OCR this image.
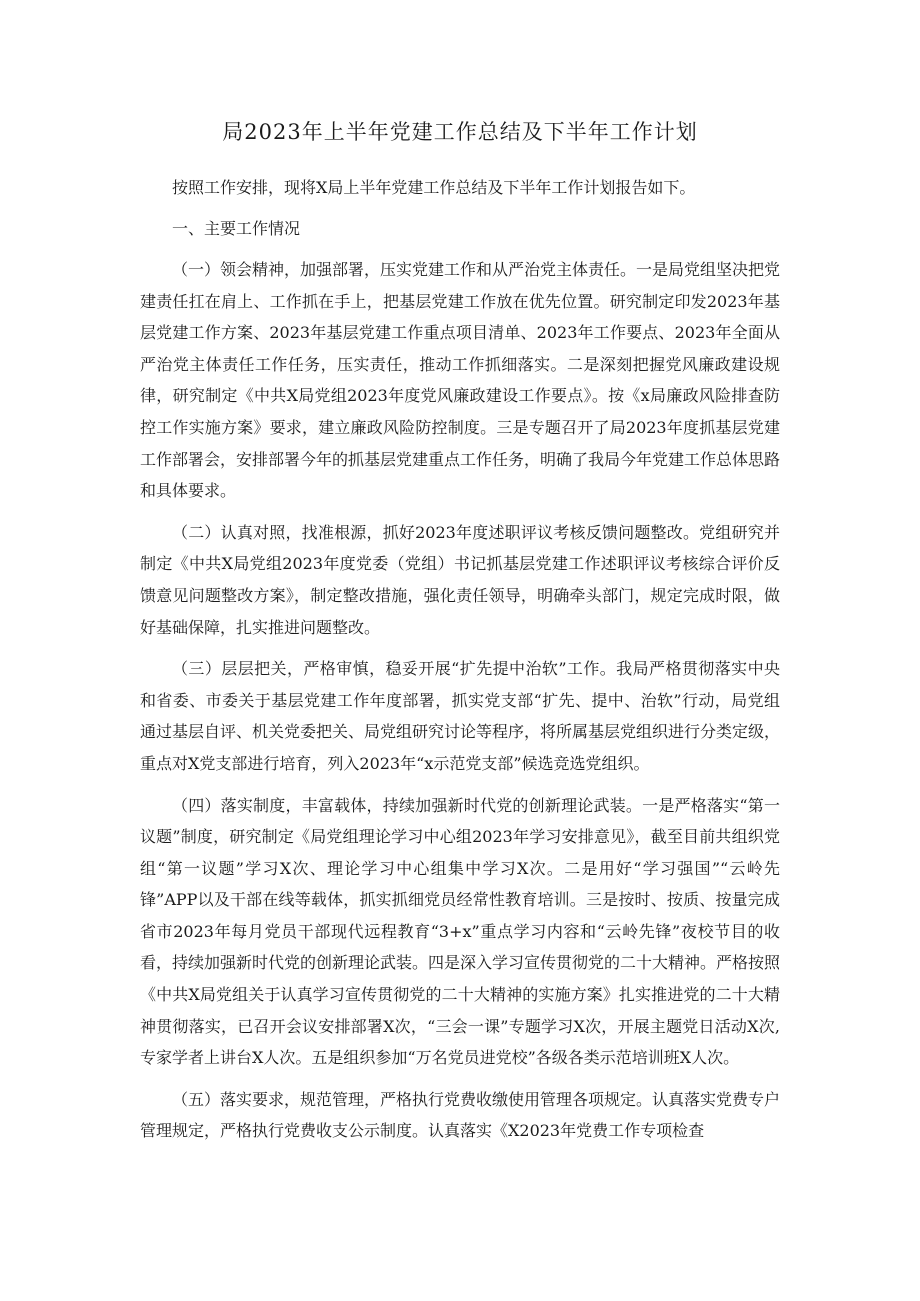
局2023年上半年党建工作总结及下半年工作计划

按照工作安排，现将X局上半年党建工作总结及下半年工作计划报告如下。

一、主要工作情况

（一）领会精神，加强部署，压实党建工作和从严治党主体责任。一是局党组坚决把党建责任扛在肩上、工作抓在手上，把基层党建工作放在优先位置。研究制定印发2023年基层党建工作方案、2023年基层党建工作重点项目清单、2023年工作要点、2023年全面从严治党主体责任工作任务，压实责任，推动工作抓细落实。二是深刻把握党风廉政建设规律，研究制定《中共X局党组2023年度党风廉政建设工作要点》。按《x局廉政风险排查防控工作实施方案》要求，建立廉政风险防控制度。三是专题召开了局2023年度抓基层党建工作部署会，安排部署今年的抓基层党建重点工作任务，明确了我局今年党建工作总体思路和具体要求。

（二）认真对照，找准根源，抓好2023年度述职评议考核反馈问题整改。党组研究并制定《中共X局党组2023年度党委（党组）书记抓基层党建工作述职评议考核综合评价反馈意见问题整改方案》，制定整改措施，强化责任领导，明确牵头部门，规定完成时限，做好基础保障，扎实推进问题整改。

（三）层层把关，严格审慎，稳妥开展“扩先提中治软”工作。我局严格贯彻落实中央和省委、市委关于基层党建工作年度部署，抓实党支部“扩先、提中、治软”行动，局党组通过基层自评、机关党委把关、局党组研究讨论等程序，将所属基层党组织进行分类定级，重点对X党支部进行培育，列入2023年“x示范党支部”候选竞选党组织。

（四）落实制度，丰富载体，持续加强新时代党的创新理论武装。一是严格落实“第一议题”制度，研究制定《局党组理论学习中心组2023年学习安排意见》，截至目前共组织党组“第一议题”学习X次、理论学习中心组集中学习X次。二是用好“学习强国”“云岭先锋”APP以及干部在线等载体，抓实抓细党员经常性教育培训。三是按时、按质、按量完成省市2023年每月党员干部现代远程教育“3+x”重点学习内容和“云岭先锋”夜校节目的收看，持续加强新时代党的创新理论武装。四是深入学习宣传贯彻党的二十大精神。严格按照《中共X局党组关于认真学习宣传贯彻党的二十大精神的实施方案》扎实推进党的二十大精神贯彻落实，已召开会议安排部署X次，“三会一课”专题学习X次，开展主题党日活动X次,专家学者上讲台X人次。五是组织参加“万名党员进党校”各级各类示范培训班X人次。

（五）落实要求，规范管理，严格执行党费收缴使用管理各项规定。认真落实党费专户管理规定，严格执行党费收支公示制度。认真落实《X2023年党费工作专项检查
